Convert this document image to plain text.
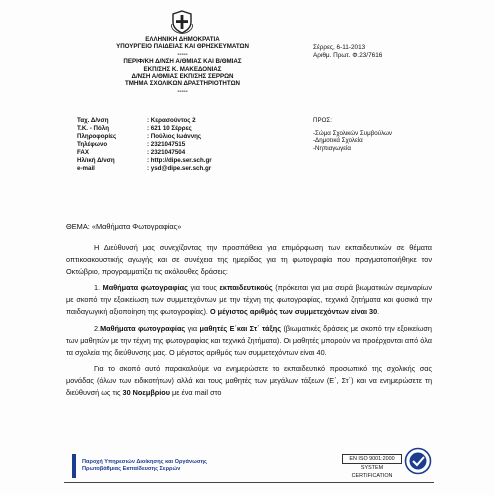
ΕΛΛΗΝΙΚΗ ΔΗΜΟΚΡΑΤΙΑ
ΥΠΟΥΡΓΕΙΟ ΠΑΙΔΕΙΑΣ ΚΑΙ ΘΡΗΣΚΕΥΜΑΤΩΝ
-----
ΠΕΡΙΦ/ΚΗ Δ/ΝΣΗ Α/ΘΜΙΑΣ ΚΑΙ Β/ΘΜΙΑΣ
ΕΚΠ/ΣΗΣ Κ. ΜΑΚΕΔΟΝΙΑΣ
Δ/ΝΣΗ Α/ΘΜΙΑΣ ΕΚΠ/ΣΗΣ ΣΕΡΡΩΝ
ΤΜΗΜΑ ΣΧΟΛΙΚΩΝ ΔΡΑΣΤΗΡΙΟΤΗΤΩΝ
-----
Σέρρες, 6-11-2013
Αριθμ. Πρωτ. Φ.23/7616
ΠΡΟΣ:
-Σώμα Σχολικών Συμβούλων
-Δημοτικά Σχολεία
-Νηπιαγωγεία
Ταχ. Δ/νση	: Κερασούντος 2
Τ.Κ. - Πόλη	: 621 10 Σέρρες
Πληροφορίες	: Πούλιος Ιωάννης
Τηλέφωνο	: 2321047515
FAX	: 2321047504
Ηλ/ική Δ/νση	: http://dipe.ser.sch.gr
e-mail	: ysd@dipe.ser.sch.gr
ΘΕΜΑ: «Μαθήματα Φωτογραφίας»

Η Διεύθυνσή μας συνεχίζοντας την προσπάθεια για επιμόρφωση των εκπαιδευτικών σε θέματα οπτικοακουστικής αγωγής και σε συνέχεια της ημερίδας για τη φωτογραφία που πραγματοποιήθηκε τον Οκτώβριο, προγραμματίζει τις ακόλουθες δράσεις:

1. Μαθήματα φωτογραφίας για τους εκπαιδευτικούς (πρόκειται για μια σειρά βιωματικών σεμιναρίων με σκοπό την εξοικείωση των συμμετεχόντων με την τέχνη της φωτογραφίας, τεχνικά ζητήματα και φυσικά την παιδαγωγική αξιοποίηση της φωτογραφίας). Ο μέγιστος αριθμός των συμμετεχόντων είναι 30.

2.Μαθήματα φωτογραφίας για μαθητές Ε΄και Στ΄ τάξης (βιωματικές δράσεις με σκοπό την εξοικείωση των μαθητών με την τέχνη της φωτογραφίας και τεχνικά ζητήματα). Οι μαθητές μπορούν να προέρχονται από όλα τα σχολεία της διεύθυνσης μας. Ο μέγιστος αριθμός των συμμετεχόντων είναι 40.

Για το σκοπό αυτό παρακαλούμε να ενημερώσετε το εκπαιδευτικό προσωπικό της σχολικής σας μονάδας (όλων των ειδικοτήτων) αλλά και τους μαθητές των μεγάλων τάξεων (Ε΄, Στ΄) και να ενημερώσετε τη διεύθυνσή ως τις 30 Νοεμβρίου με ένα mail στο

Παροχή Υπηρεσιών Διοίκησης και Οργάνωσης
Πρωτοβάθμιας Εκπαίδευσης Σερρών
EN ISO 9001:2000
SYSTEM CERTIFICATION
